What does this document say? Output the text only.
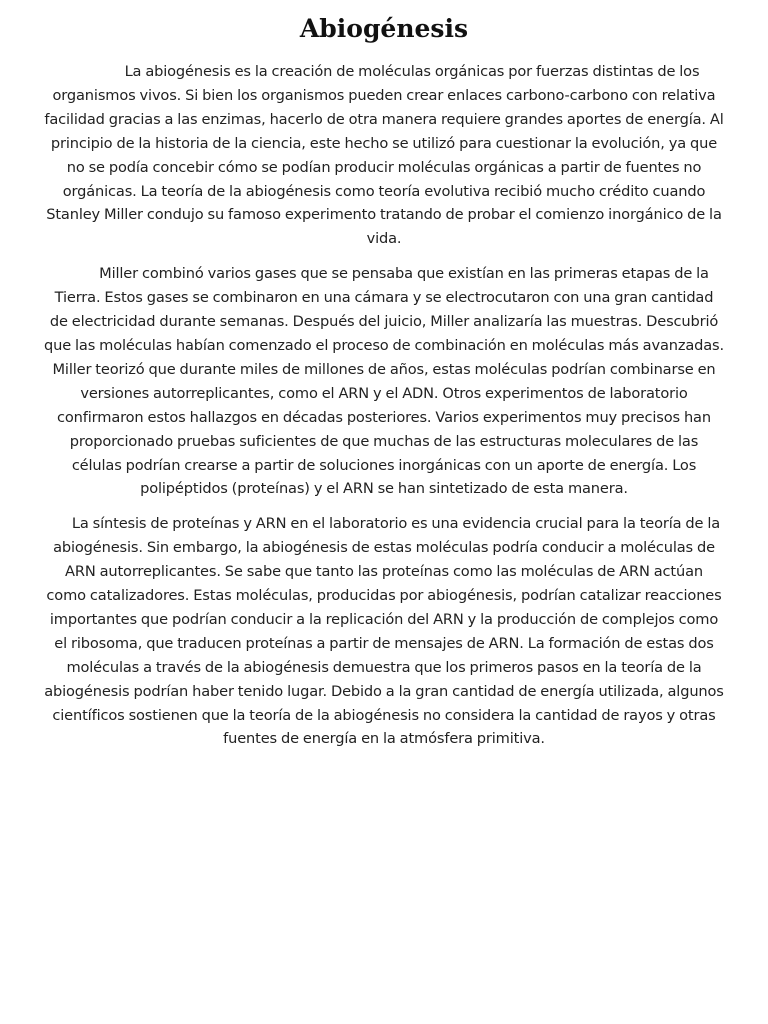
Abiogénesis

La abiogénesis es la creación de moléculas orgánicas por fuerzas distintas de los organismos vivos. Si bien los organismos pueden crear enlaces carbono-carbono con relativa facilidad gracias a las enzimas, hacerlo de otra manera requiere grandes aportes de energía. Al principio de la historia de la ciencia, este hecho se utilizó para cuestionar la evolución, ya que no se podía concebir cómo se podían producir moléculas orgánicas a partir de fuentes no orgánicas. La teoría de la abiogénesis como teoría evolutiva recibió mucho crédito cuando Stanley Miller condujo su famoso experimento tratando de probar el comienzo inorgánico de la vida.

Miller combinó varios gases que se pensaba que existían en las primeras etapas de la Tierra. Estos gases se combinaron en una cámara y se electrocutaron con una gran cantidad de electricidad durante semanas. Después del juicio, Miller analizaría las muestras. Descubrió que las moléculas habían comenzado el proceso de combinación en moléculas más avanzadas. Miller teorizó que durante miles de millones de años, estas moléculas podrían combinarse en versiones autorreplicantes, como el ARN y el ADN. Otros experimentos de laboratorio confirmaron estos hallazgos en décadas posteriores. Varios experimentos muy precisos han proporcionado pruebas suficientes de que muchas de las estructuras moleculares de las células podrían crearse a partir de soluciones inorgánicas con un aporte de energía. Los polipéptidos (proteínas) y el ARN se han sintetizado de esta manera.

La síntesis de proteínas y ARN en el laboratorio es una evidencia crucial para la teoría de la abiogénesis. Sin embargo, la abiogénesis de estas moléculas podría conducir a moléculas de ARN autorreplicantes. Se sabe que tanto las proteínas como las moléculas de ARN actúan como catalizadores. Estas moléculas, producidas por abiogénesis, podrían catalizar reacciones importantes que podrían conducir a la replicación del ARN y la producción de complejos como el ribosoma, que traducen proteínas a partir de mensajes de ARN. La formación de estas dos moléculas a través de la abiogénesis demuestra que los primeros pasos en la teoría de la abiogénesis podrían haber tenido lugar. Debido a la gran cantidad de energía utilizada, algunos científicos sostienen que la teoría de la abiogénesis no considera la cantidad de rayos y otras fuentes de energía en la atmósfera primitiva.
